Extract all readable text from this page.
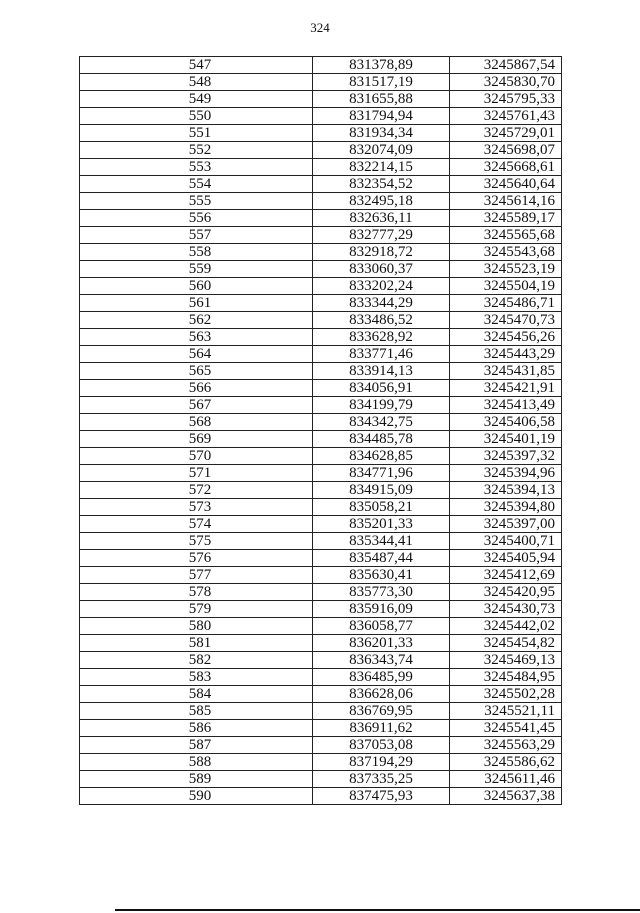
324
547	831378,89	3245867,54
548	831517,19	3245830,70
549	831655,88	3245795,33
550	831794,94	3245761,43
551	831934,34	3245729,01
552	832074,09	3245698,07
553	832214,15	3245668,61
554	832354,52	3245640,64
555	832495,18	3245614,16
556	832636,11	3245589,17
557	832777,29	3245565,68
558	832918,72	3245543,68
559	833060,37	3245523,19
560	833202,24	3245504,19
561	833344,29	3245486,71
562	833486,52	3245470,73
563	833628,92	3245456,26
564	833771,46	3245443,29
565	833914,13	3245431,85
566	834056,91	3245421,91
567	834199,79	3245413,49
568	834342,75	3245406,58
569	834485,78	3245401,19
570	834628,85	3245397,32
571	834771,96	3245394,96
572	834915,09	3245394,13
573	835058,21	3245394,80
574	835201,33	3245397,00
575	835344,41	3245400,71
576	835487,44	3245405,94
577	835630,41	3245412,69
578	835773,30	3245420,95
579	835916,09	3245430,73
580	836058,77	3245442,02
581	836201,33	3245454,82
582	836343,74	3245469,13
583	836485,99	3245484,95
584	836628,06	3245502,28
585	836769,95	3245521,11
586	836911,62	3245541,45
587	837053,08	3245563,29
588	837194,29	3245586,62
589	837335,25	3245611,46
590	837475,93	3245637,38
